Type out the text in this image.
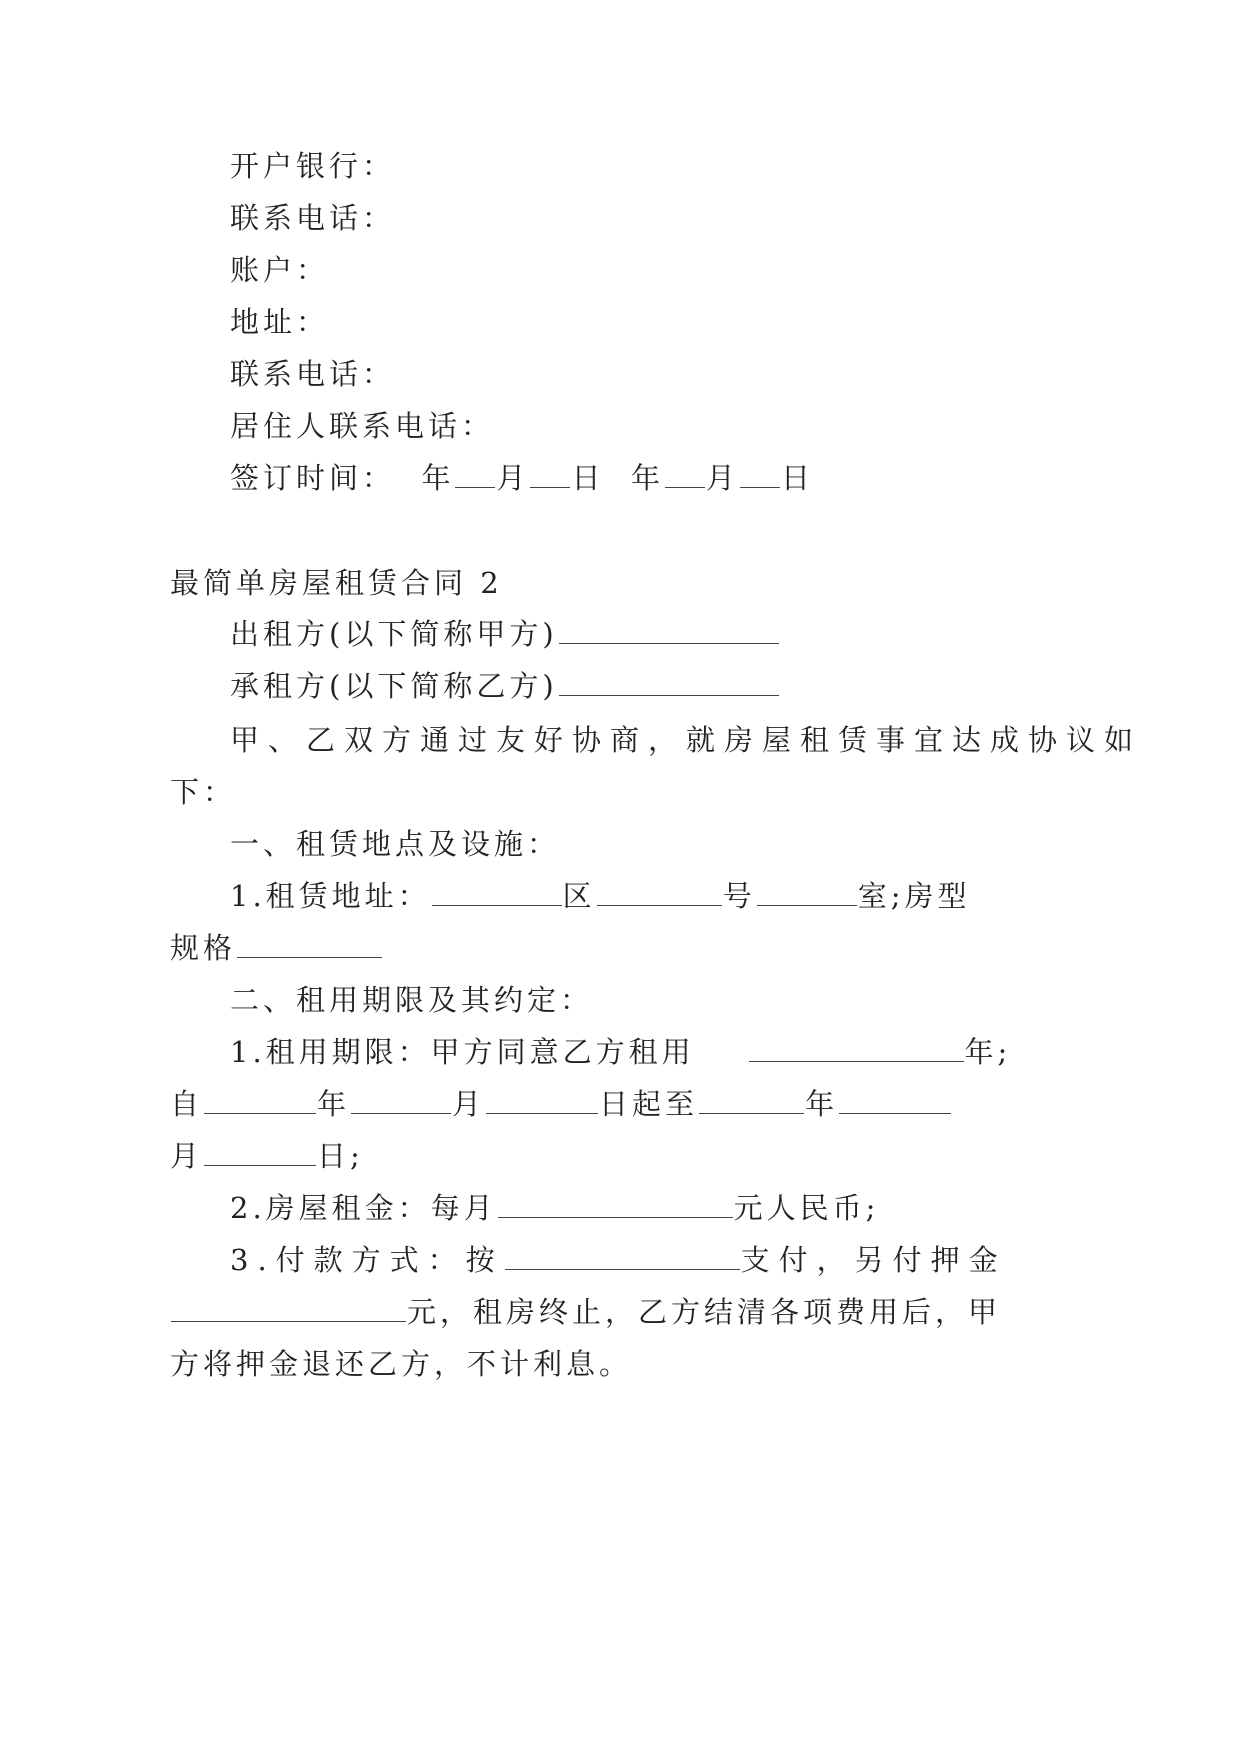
开户银行：
联系电话：
账户：
地址：
联系电话：
居住人联系电话：
签订时间： 年 月 日 年 月 日
最简单房屋租赁合同 2
出租方(以下简称甲方)
承租方(以下简称乙方)
甲、乙双方通过友好协商，就房屋租赁事宜达成协议如
下：
一、租赁地点及设施：
1.租赁地址：	区	号	室;房型
规格
二、租用期限及其约定：
1.租用期限：甲方同意乙方租用	年;
自	年	月	日起至	年
月	日;
2.房屋租金：每月	元人民币;
3.付款方式：按	支付，另付押金
元，租房终止，乙方结清各项费用后，甲
方将押金退还乙方，不计利息。
